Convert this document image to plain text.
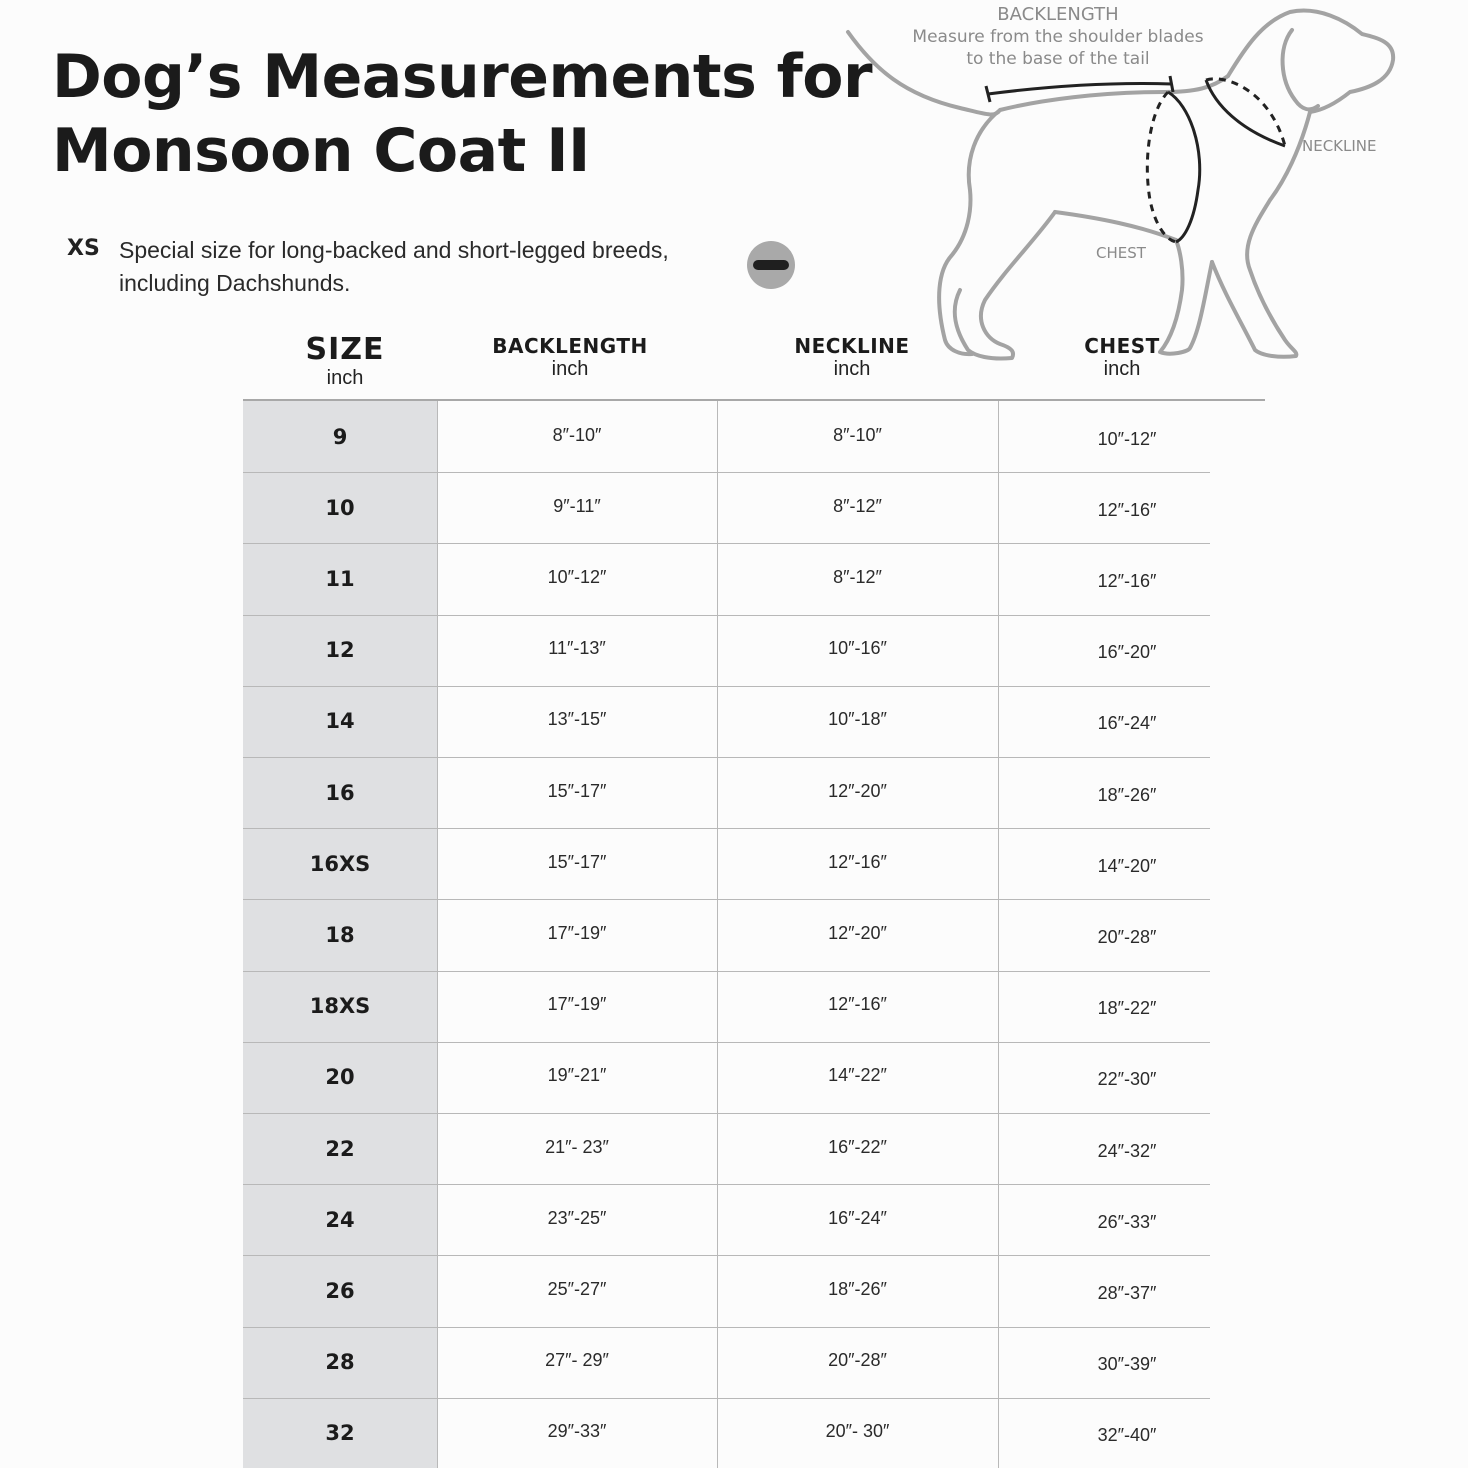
Dog’s Measurements for
Monsoon Coat II
XS Special size for long-backed and short-legged breeds,
including Dachshunds.
BACKLENGTH
Measure from the shoulder blades
to the base of the tail
NECKLINE
CHEST
SIZE
inch
BACKLENGTH
inch
NECKLINE
inch
CHEST
inch
9	8″-10″	8″-10″	10″-12″
10	9″-11″	8″-12″	12″-16″
11	10″-12″	8″-12″	12″-16″
12	11″-13″	10″-16″	16″-20″
14	13″-15″	10″-18″	16″-24″
16	15″-17″	12″-20″	18″-26″
16XS	15″-17″	12″-16″	14″-20″
18	17″-19″	12″-20″	20″-28″
18XS	17″-19″	12″-16″	18″-22″
20	19″-21″	14″-22″	22″-30″
22	21″- 23″	16″-22″	24″-32″
24	23″-25″	16″-24″	26″-33″
26	25″-27″	18″-26″	28″-37″
28	27″- 29″	20″-28″	30″-39″
32	29″-33″	20″- 30″	32″-40″
